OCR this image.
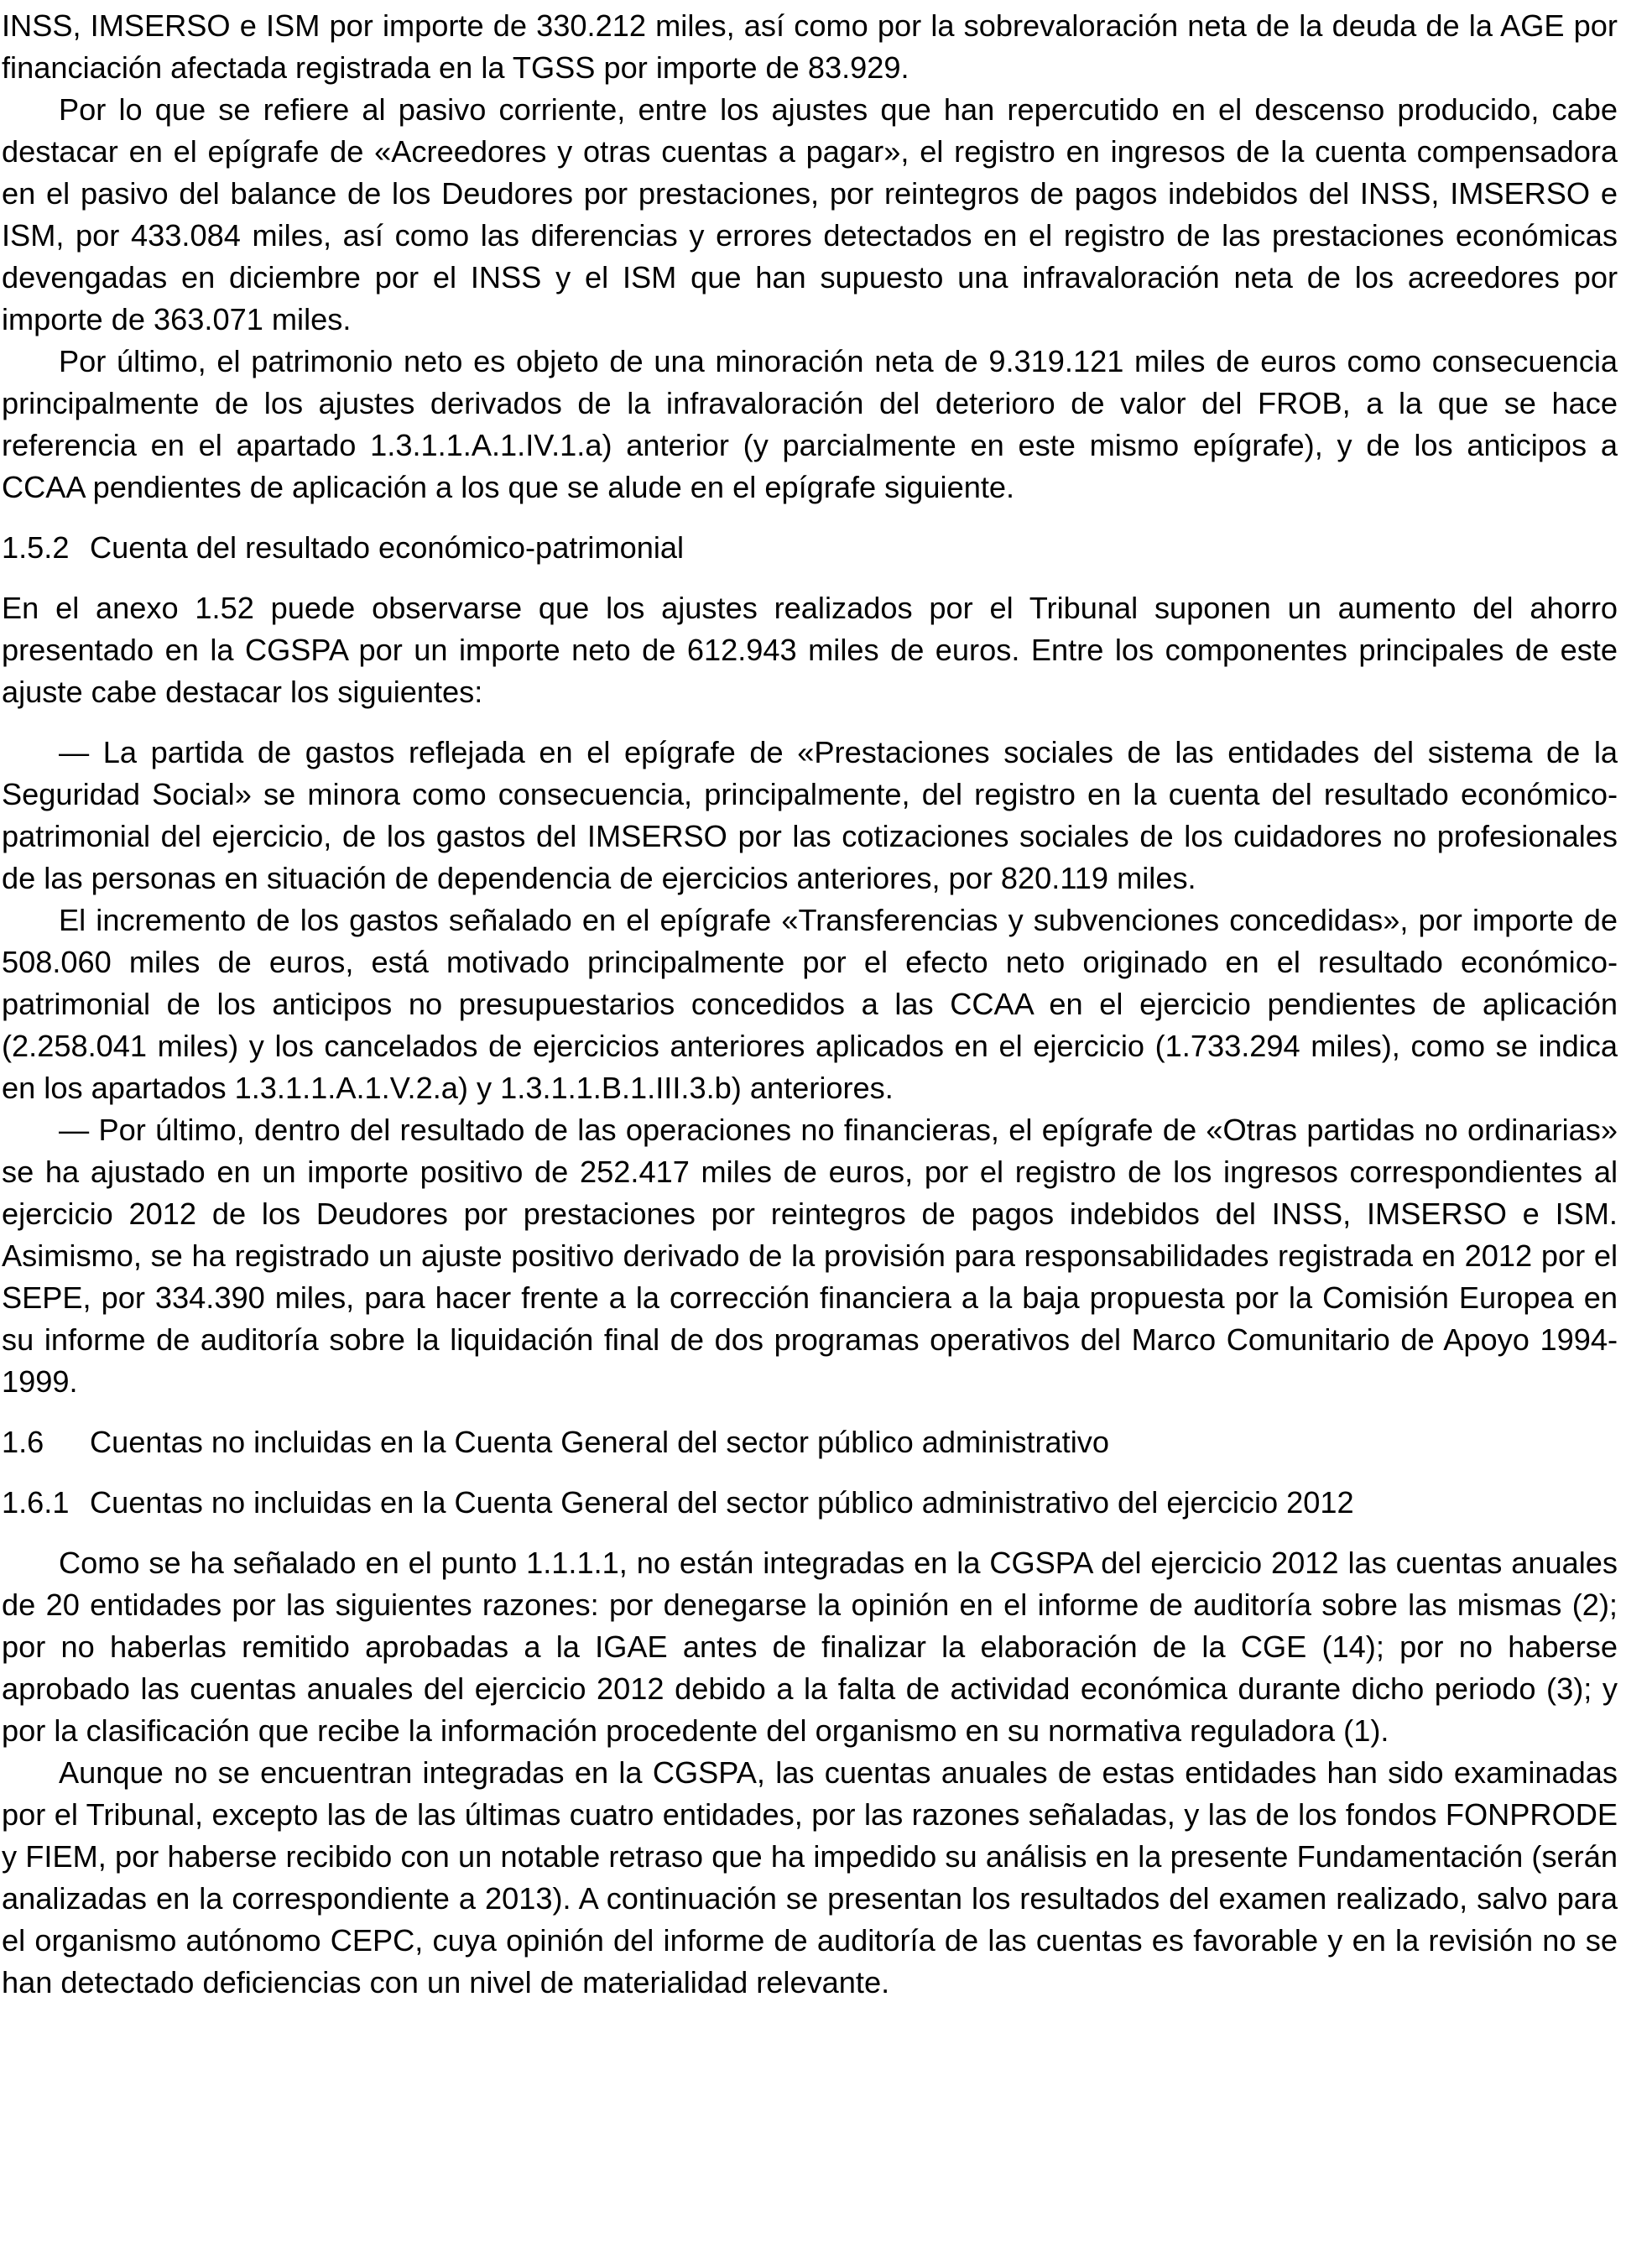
INSS, IMSERSO e ISM por importe de 330.212 miles, así como por la sobrevaloración neta de la deuda de la AGE por financiación afectada registrada en la TGSS por importe de 83.929.

Por lo que se refiere al pasivo corriente, entre los ajustes que han repercutido en el descenso producido, cabe destacar en el epígrafe de «Acreedores y otras cuentas a pagar», el registro en ingresos de la cuenta compensadora en el pasivo del balance de los Deudores por prestaciones, por reintegros de pagos indebidos del INSS, IMSERSO e ISM, por 433.084 miles, así como las diferencias y errores detectados en el registro de las prestaciones económicas devengadas en diciembre por el INSS y el ISM que han supuesto una infravaloración neta de los acreedores por importe de 363.071 miles.

Por último, el patrimonio neto es objeto de una minoración neta de 9.319.121 miles de euros como consecuencia principalmente de los ajustes derivados de la infravaloración del deterioro de valor del FROB, a la que se hace referencia en el apartado 1.3.1.1.A.1.IV.1.a) anterior (y parcialmente en este mismo epígrafe), y de los anticipos a CCAA pendientes de aplicación a los que se alude en el epígrafe siguiente.

1.5.2 Cuenta del resultado económico-patrimonial

En el anexo 1.52 puede observarse que los ajustes realizados por el Tribunal suponen un aumento del ahorro presentado en la CGSPA por un importe neto de 612.943 miles de euros. Entre los componentes principales de este ajuste cabe destacar los siguientes:

— La partida de gastos reflejada en el epígrafe de «Prestaciones sociales de las entidades del sistema de la Seguridad Social» se minora como consecuencia, principalmente, del registro en la cuenta del resultado económico-patrimonial del ejercicio, de los gastos del IMSERSO por las cotizaciones sociales de los cuidadores no profesionales de las personas en situación de dependencia de ejercicios anteriores, por 820.119 miles.

El incremento de los gastos señalado en el epígrafe «Transferencias y subvenciones concedidas», por importe de 508.060 miles de euros, está motivado principalmente por el efecto neto originado en el resultado económico-patrimonial de los anticipos no presupuestarios concedidos a las CCAA en el ejercicio pendientes de aplicación (2.258.041 miles) y los cancelados de ejercicios anteriores aplicados en el ejercicio (1.733.294 miles), como se indica en los apartados 1.3.1.1.A.1.V.2.a) y 1.3.1.1.B.1.III.3.b) anteriores.

— Por último, dentro del resultado de las operaciones no financieras, el epígrafe de «Otras partidas no ordinarias» se ha ajustado en un importe positivo de 252.417 miles de euros, por el registro de los ingresos correspondientes al ejercicio 2012 de los Deudores por prestaciones por reintegros de pagos indebidos del INSS, IMSERSO e ISM. Asimismo, se ha registrado un ajuste positivo derivado de la provisión para responsabilidades registrada en 2012 por el SEPE, por 334.390 miles, para hacer frente a la corrección financiera a la baja propuesta por la Comisión Europea en su informe de auditoría sobre la liquidación final de dos programas operativos del Marco Comunitario de Apoyo 1994-1999.

1.6 Cuentas no incluidas en la Cuenta General del sector público administrativo
1.6.1 Cuentas no incluidas en la Cuenta General del sector público administrativo del ejercicio 2012

Como se ha señalado en el punto 1.1.1.1, no están integradas en la CGSPA del ejercicio 2012 las cuentas anuales de 20 entidades por las siguientes razones: por denegarse la opinión en el informe de auditoría sobre las mismas (2); por no haberlas remitido aprobadas a la IGAE antes de finalizar la elaboración de la CGE (14); por no haberse aprobado las cuentas anuales del ejercicio 2012 debido a la falta de actividad económica durante dicho periodo (3); y por la clasificación que recibe la información procedente del organismo en su normativa reguladora (1).

Aunque no se encuentran integradas en la CGSPA, las cuentas anuales de estas entidades han sido examinadas por el Tribunal, excepto las de las últimas cuatro entidades, por las razones señaladas, y las de los fondos FONPRODE y FIEM, por haberse recibido con un notable retraso que ha impedido su análisis en la presente Fundamentación (serán analizadas en la correspondiente a 2013). A continuación se presentan los resultados del examen realizado, salvo para el organismo autónomo CEPC, cuya opinión del informe de auditoría de las cuentas es favorable y en la revisión no se han detectado deficiencias con un nivel de materialidad relevante.
